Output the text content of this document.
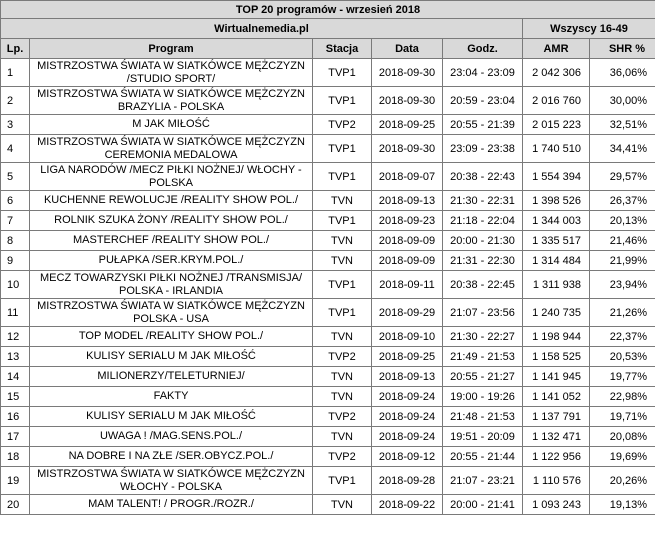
TOP 20 programów - wrzesień 2018						
Wirtualnemedia.pl					Wszyscy 16-49	
Lp.	Program	Stacja	Data	Godz.	AMR	SHR %
1	MISTRZOSTWA ŚWIATA W SIATKÓWCE MĘŻCZYZN /STUDIO SPORT/	TVP1	2018-09-30	23:04 - 23:09	2 042 306	36,06%
2	MISTRZOSTWA ŚWIATA W SIATKÓWCE MĘŻCZYZN BRAZYLIA - POLSKA	TVP1	2018-09-30	20:59 - 23:04	2 016 760	30,00%
3	M JAK MIŁOŚĆ	TVP2	2018-09-25	20:55 - 21:39	2 015 223	32,51%
4	MISTRZOSTWA ŚWIATA W SIATKÓWCE MĘŻCZYZN CEREMONIA MEDALOWA	TVP1	2018-09-30	23:09 - 23:38	1 740 510	34,41%
5	LIGA NARODÓW /MECZ PIŁKI NOŻNEJ/ WŁOCHY - POLSKA	TVP1	2018-09-07	20:38 - 22:43	1 554 394	29,57%
6	KUCHENNE REWOLUCJE /REALITY SHOW POL./	TVN	2018-09-13	21:30 - 22:31	1 398 526	26,37%
7	ROLNIK SZUKA ŻONY /REALITY SHOW POL./	TVP1	2018-09-23	21:18 - 22:04	1 344 003	20,13%
8	MASTERCHEF /REALITY SHOW POL./	TVN	2018-09-09	20:00 - 21:30	1 335 517	21,46%
9	PUŁAPKA /SER.KRYM.POL./	TVN	2018-09-09	21:31 - 22:30	1 314 484	21,99%
10	MECZ TOWARZYSKI PIŁKI NOŻNEJ /TRANSMISJA/ POLSKA - IRLANDIA	TVP1	2018-09-11	20:38 - 22:45	1 311 938	23,94%
11	MISTRZOSTWA ŚWIATA W SIATKÓWCE MĘŻCZYZN POLSKA - USA	TVP1	2018-09-29	21:07 - 23:56	1 240 735	21,26%
12	TOP MODEL /REALITY SHOW POL./	TVN	2018-09-10	21:30 - 22:27	1 198 944	22,37%
13	KULISY SERIALU M JAK MIŁOŚĆ	TVP2	2018-09-25	21:49 - 21:53	1 158 525	20,53%
14	MILIONERZY/TELETURNIEJ/	TVN	2018-09-13	20:55 - 21:27	1 141 945	19,77%
15	FAKTY	TVN	2018-09-24	19:00 - 19:26	1 141 052	22,98%
16	KULISY SERIALU M JAK MIŁOŚĆ	TVP2	2018-09-24	21:48 - 21:53	1 137 791	19,71%
17	UWAGA ! /MAG.SENS.POL./	TVN	2018-09-24	19:51 - 20:09	1 132 471	20,08%
18	NA DOBRE I NA ZŁE /SER.OBYCZ.POL./	TVP2	2018-09-12	20:55 - 21:44	1 122 956	19,69%
19	MISTRZOSTWA ŚWIATA W SIATKÓWCE MĘŻCZYZN WŁOCHY - POLSKA	TVP1	2018-09-28	21:07 - 23:21	1 110 576	20,26%
20	MAM TALENT! / PROGR./ROZR./	TVN	2018-09-22	20:00 - 21:41	1 093 243	19,13%
